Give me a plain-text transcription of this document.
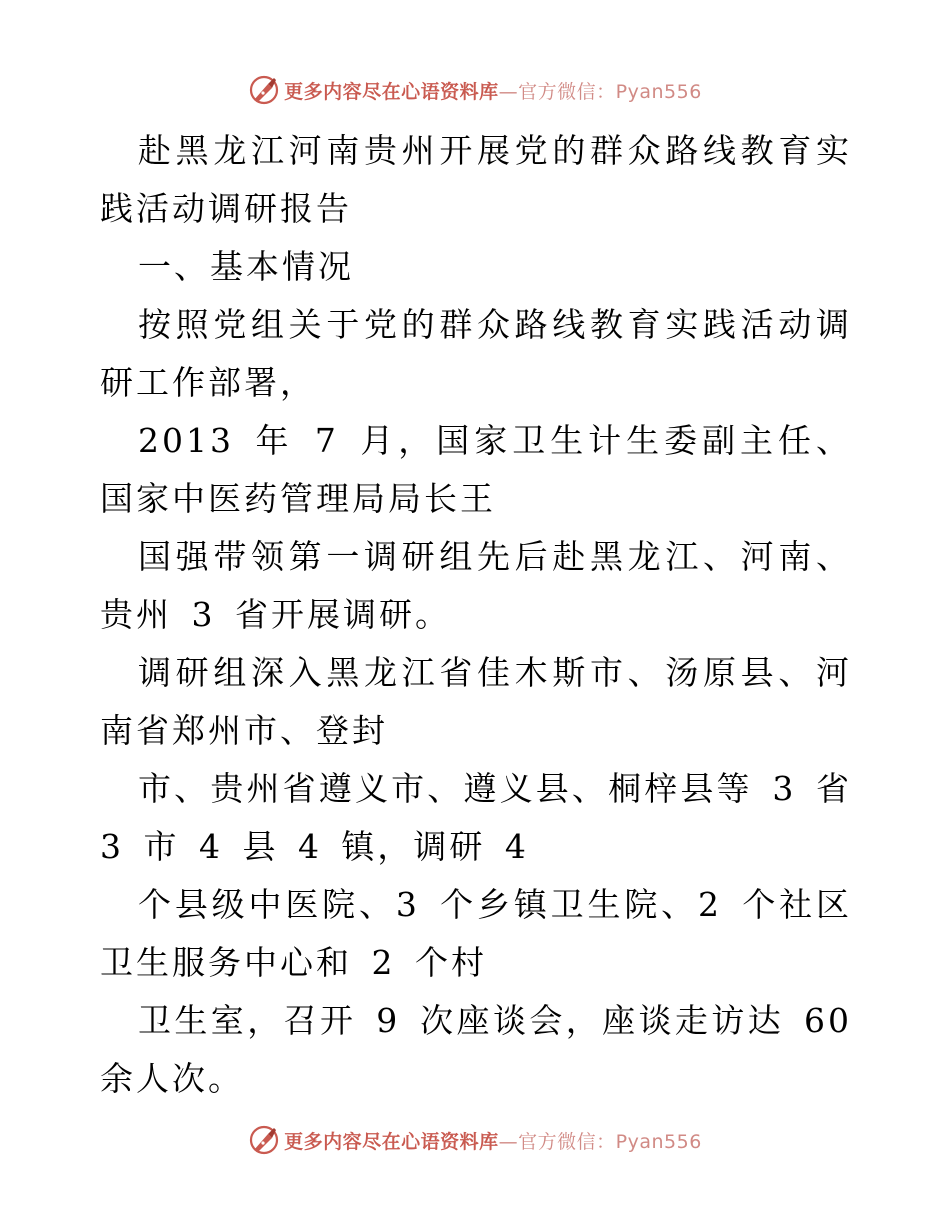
更多内容尽在心语资料库—官方微信：Pyan556

赴黑龙江河南贵州开展党的群众路线教育实践活动调研报告

一、基本情况

按照党组关于党的群众路线教育实践活动调研工作部署，

2013 年 7 月，国家卫生计生委副主任、国家中医药管理局局长王

国强带领第一调研组先后赴黑龙江、河南、贵州 3 省开展调研。

调研组深入黑龙江省佳木斯市、汤原县、河南省郑州市、登封

市、贵州省遵义市、遵义县、桐梓县等 3 省 3 市 4 县 4 镇，调研 4

个县级中医院、3 个乡镇卫生院、2 个社区卫生服务中心和 2 个村

卫生室，召开 9 次座谈会，座谈走访达 60 余人次。

更多内容尽在心语资料库—官方微信：Pyan556
